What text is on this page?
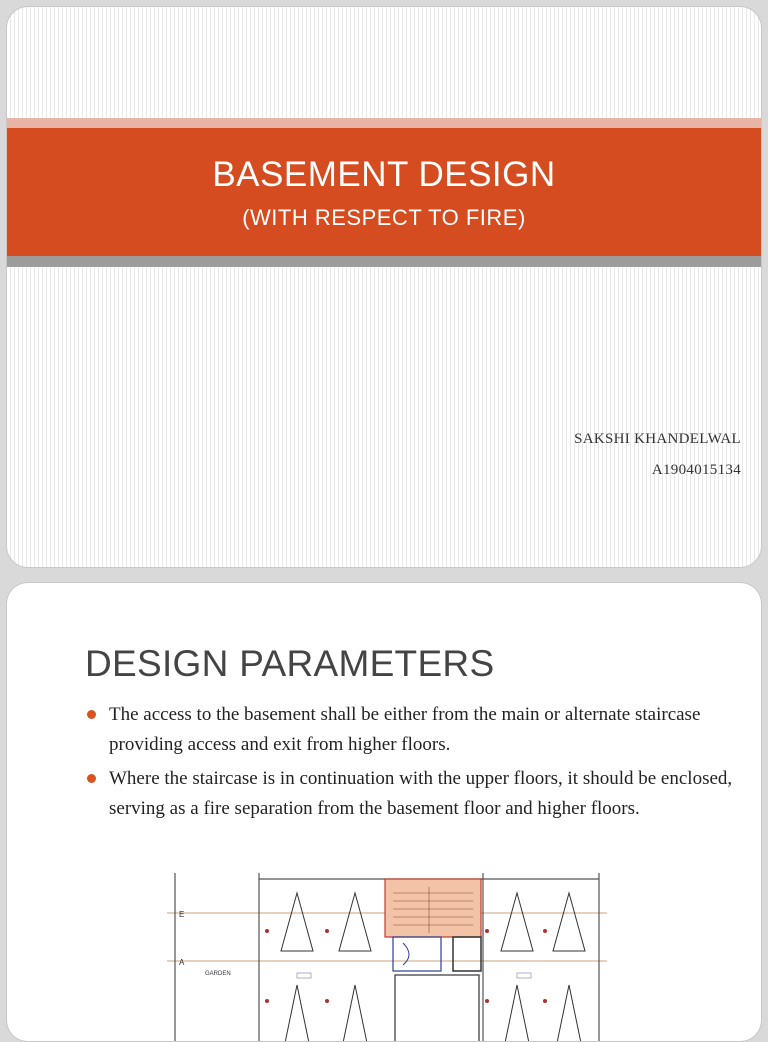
BASEMENT DESIGN
(WITH RESPECT TO FIRE)
SAKSHI KHANDELWAL
A1904015134
DESIGN PARAMETERS
The access to the basement shall be either from the main or alternate staircase providing access and exit from higher floors.
Where the staircase is in continuation with the upper floors, it should be enclosed, serving as a fire separation from the basement floor and higher floors.
E
A
GARDEN
